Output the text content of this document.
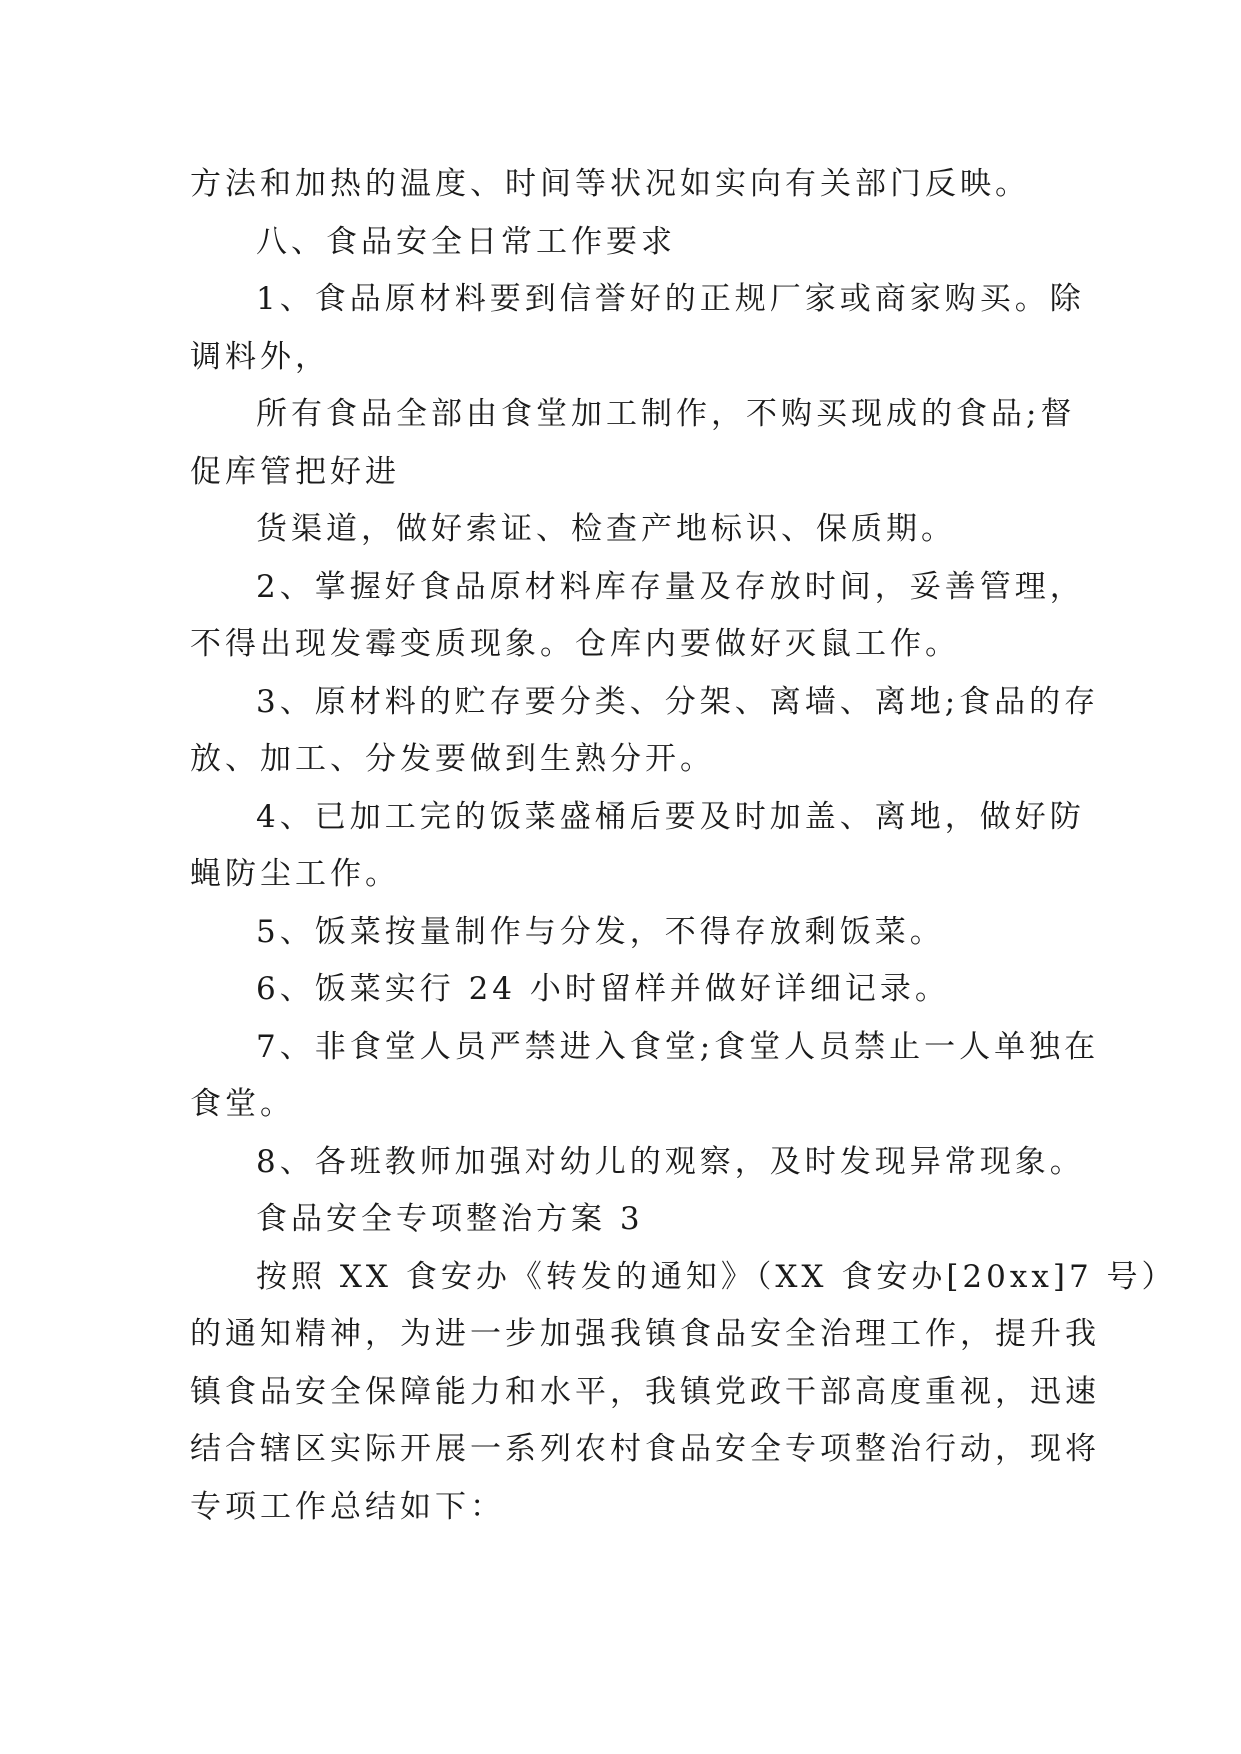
方法和加热的温度、时间等状况如实向有关部门反映。

八、食品安全日常工作要求

1、食品原材料要到信誉好的正规厂家或商家购买。除

调料外，

所有食品全部由食堂加工制作，不购买现成的食品;督

促库管把好进

货渠道，做好索证、检查产地标识、保质期。

2、掌握好食品原材料库存量及存放时间，妥善管理，

不得出现发霉变质现象。仓库内要做好灭鼠工作。

3、原材料的贮存要分类、分架、离墙、离地;食品的存

放、加工、分发要做到生熟分开。

4、已加工完的饭菜盛桶后要及时加盖、离地，做好防

蝇防尘工作。

5、饭菜按量制作与分发，不得存放剩饭菜。

6、饭菜实行 24 小时留样并做好详细记录。

7、非食堂人员严禁进入食堂;食堂人员禁止一人单独在

食堂。

8、各班教师加强对幼儿的观察，及时发现异常现象。

食品安全专项整治方案 3

按照 XX 食安办《转发的通知》（XX 食安办[20xx]7 号）

的通知精神，为进一步加强我镇食品安全治理工作，提升我

镇食品安全保障能力和水平，我镇党政干部高度重视，迅速

结合辖区实际开展一系列农村食品安全专项整治行动，现将

专项工作总结如下：
